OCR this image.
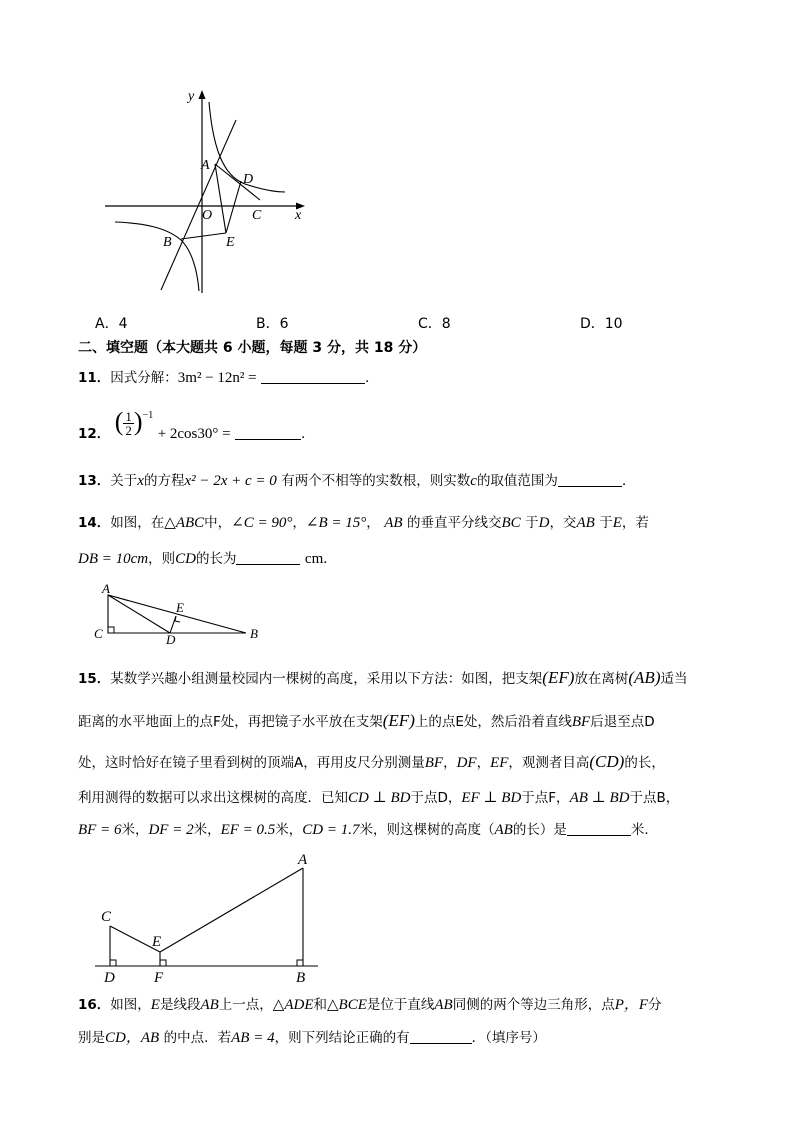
y
x
O
A
D
C
B	E
A．4	B．6	C．8	D．10
二、填空题（本大题共 6 小题，每题 3 分，共 18 分）
11．因式分解：3m² − 12n² =	．
12． ( $\frac{1}{2} )^{-1} + 2\cos 30^\circ$ =	．
13．关于x的方程x² − 2x + c = 0 有两个不相等的实数根，则实数c的取值范围为	．
14．如图，在△ABC中，∠C = 90°，∠B = 15°， AB 的垂直平分线交BC 于D，交AB 于E，若
DB = 10cm，则CD的长为	cm．
A
C	D
E
B
15．某数学兴趣小组测量校园内一棵树的高度，采用以下方法：如图，把支架(EF)放在离树(AB)适当
距离的水平地面上的点F处，再把镜子水平放在支架(EF)上的点E处，然后沿着直线BF后退至点D
处，这时恰好在镜子里看到树的顶端A，再用皮尺分别测量BF，DF，EF，观测者目高(CD)的长，
利用测得的数据可以求出这棵树的高度．已知CD ⊥ BD于点D，EF ⊥ BD于点F，AB ⊥ BD于点B，
BF = 6米，DF = 2米，EF = 0.5米，CD = 1.7米，则这棵树的高度（AB的长）是	米．
C
E
A
D	F	B
16．如图，E是线段AB上一点，△ADE和△BCE是位于直线AB同侧的两个等边三角形，点P，F分
别是CD，AB 的中点．若AB = 4，则下列结论正确的有	．（填序号）
